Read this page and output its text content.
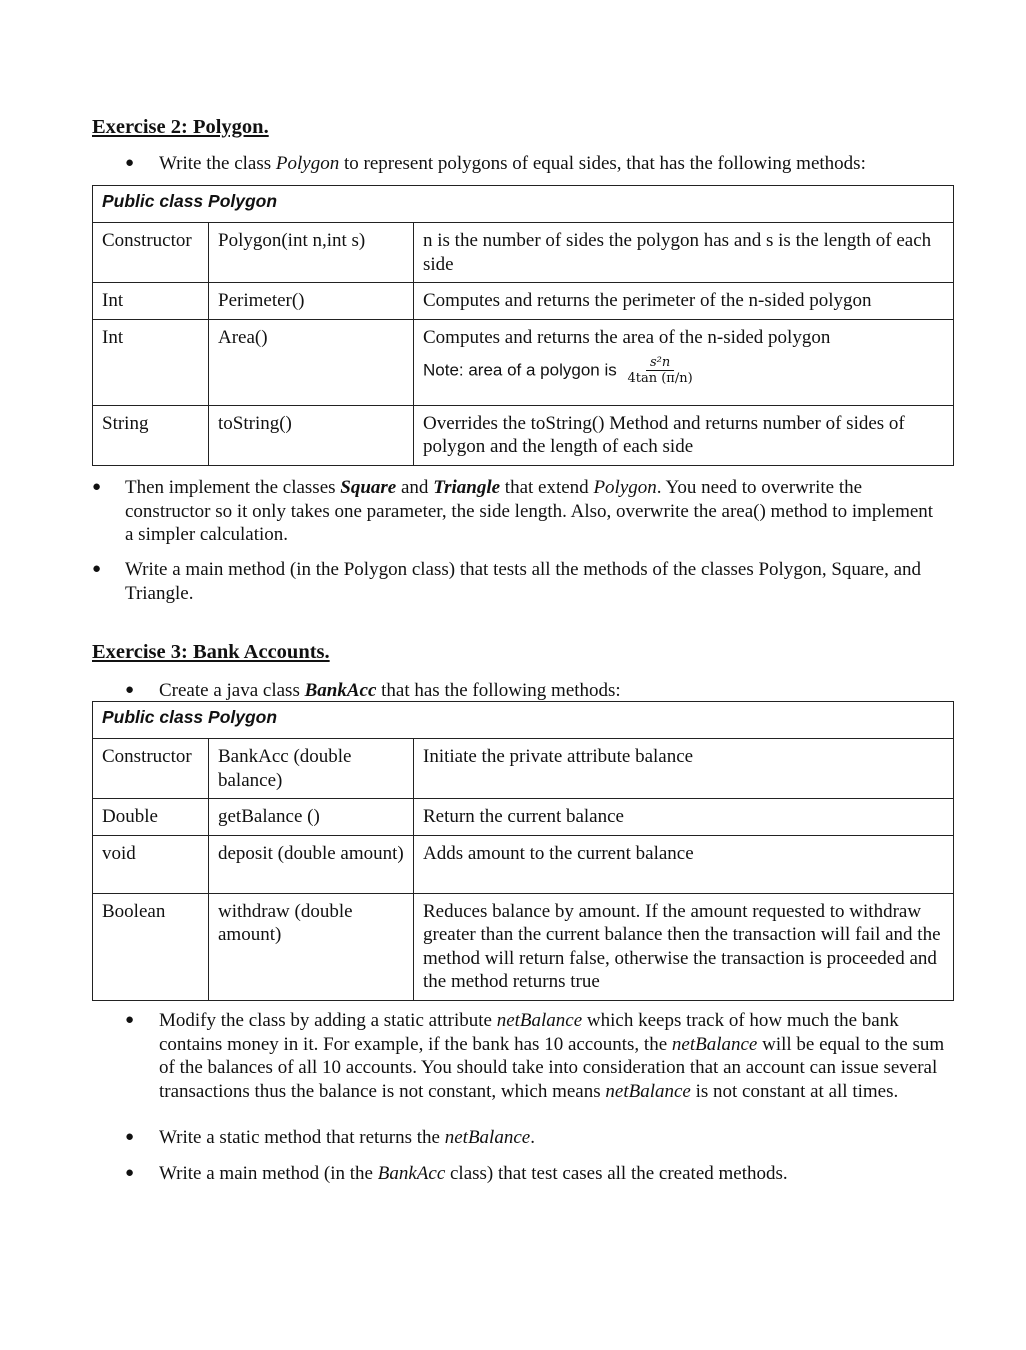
Exercise 2: Polygon.
●	Write the class Polygon to represent polygons of equal sides, that has the following methods:
Public class Polygon		
Constructor	Polygon(int n,int s)	n is the number of sides the polygon has and s is the length of each side
Int	Perimeter()	Computes and returns the perimeter of the n-sided polygon
Int	Area()	Computes and returns the area of the n-sided polygon
Note: area of a polygon is $\frac{\text{s²n}}{4\tan (\pi/n)}$

String	toString()	Overrides the toString() Method and returns number of sides of polygon and the length of each side
●	Then implement the classes Square and Triangle that extend Polygon. You need to overwrite the constructor so it only takes one parameter, the side length. Also, overwrite the area() method to implement a simpler calculation.
●	Write a main method (in the Polygon class) that tests all the methods of the classes Polygon, Square, and Triangle.
Exercise 3: Bank Accounts.
●	Create a java class BankAcc that has the following methods:
Public class Polygon		
Constructor	BankAcc (double balance)	Initiate the private attribute balance
Double	getBalance ()	Return the current balance
void	deposit (double amount)	Adds amount to the current balance
Boolean	withdraw (double amount)	Reduces balance by amount. If the amount requested to withdraw greater than the current balance then the transaction will fail and the method will return false, otherwise the transaction is proceeded and the method returns true
●	Modify the class by adding a static attribute netBalance which keeps track of how much the bank contains money in it. For example, if the bank has 10 accounts, the netBalance will be equal to the sum of the balances of all 10 accounts. You should take into consideration that an account can issue several transactions thus the balance is not constant, which means netBalance is not constant at all times.
●	Write a static method that returns the netBalance.
●	Write a main method (in the BankAcc class) that test cases all the created methods.
